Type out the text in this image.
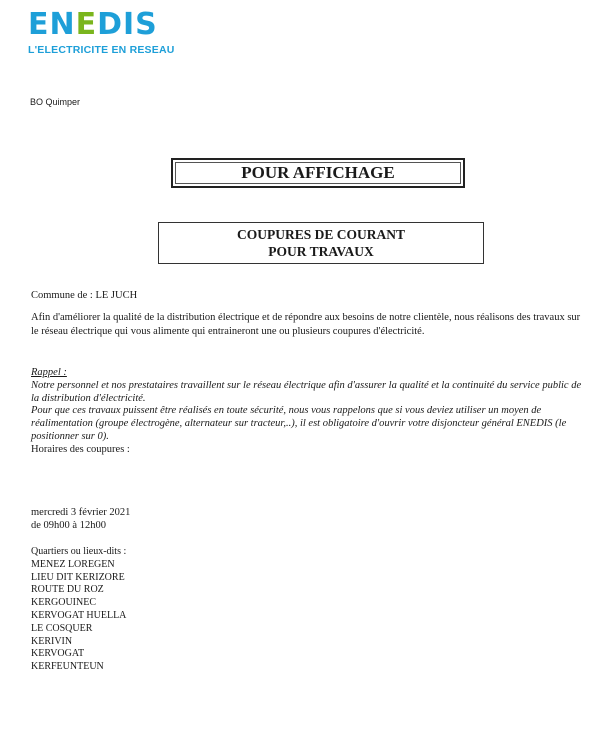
ENEDIS
L'ELECTRICITE EN RESEAU
BO Quimper
POUR AFFICHAGE
COUPURES DE COURANT
POUR TRAVAUX
Commune de : LE JUCH
Afin d'améliorer la qualité de la distribution électrique et de répondre aux besoins de notre clientèle, nous réalisons des travaux sur le réseau électrique qui vous alimente qui entraineront une ou plusieurs coupures d'électricité.
Rappel :
Notre personnel et nos prestataires travaillent sur le réseau électrique afin d'assurer la qualité et la continuité du service public de la distribution d'électricité.
Pour que ces travaux puissent être réalisés en toute sécurité, nous vous rappelons que si vous deviez utiliser un moyen de réalimentation (groupe électrogène, alternateur sur tracteur,..), il est obligatoire d'ouvrir votre disjoncteur général ENEDIS (le positionner sur 0).
Horaires des coupures :
mercredi 3 février 2021
de 09h00 à 12h00
Quartiers ou lieux-dits :
MENEZ LOREGEN
LIEU DIT KERIZORE
ROUTE DU ROZ
KERGOUINEC
KERVOGAT HUELLA
LE COSQUER
KERIVIN
KERVOGAT
KERFEUNTEUN
